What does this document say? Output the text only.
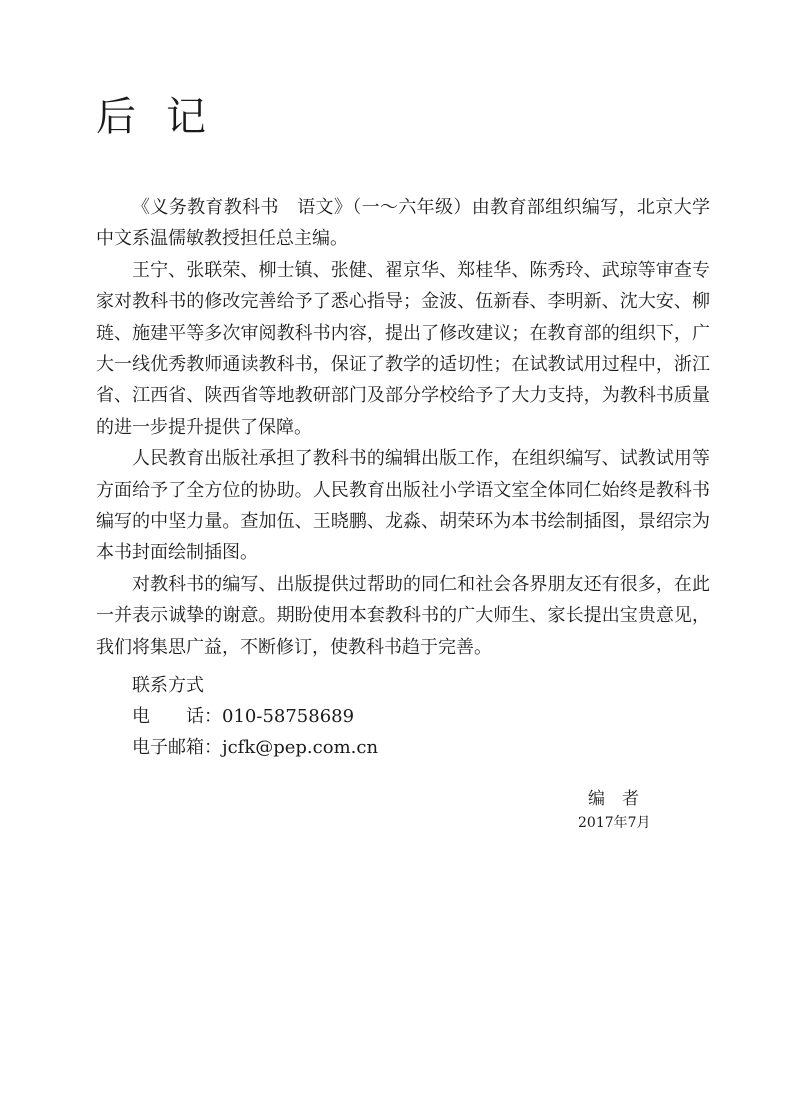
后记

《义务教育教科书　语文》（一～六年级）由教育部组织编写，北京大学中文系温儒敏教授担任总主编。

王宁、张联荣、柳士镇、张健、翟京华、郑桂华、陈秀玲、武琼等审查专家对教科书的修改完善给予了悉心指导；金波、伍新春、李明新、沈大安、柳琏、施建平等多次审阅教科书内容，提出了修改建议；在教育部的组织下，广大一线优秀教师通读教科书，保证了教学的适切性；在试教试用过程中，浙江省、江西省、陕西省等地教研部门及部分学校给予了大力支持，为教科书质量的进一步提升提供了保障。

人民教育出版社承担了教科书的编辑出版工作，在组织编写、试教试用等方面给予了全方位的协助。人民教育出版社小学语文室全体同仁始终是教科书编写的中坚力量。查加伍、王晓鹏、龙淼、胡荣环为本书绘制插图，景绍宗为本书封面绘制插图。

对教科书的编写、出版提供过帮助的同仁和社会各界朋友还有很多，在此一并表示诚挚的谢意。期盼使用本套教科书的广大师生、家长提出宝贵意见，我们将集思广益，不断修订，使教科书趋于完善。

联系方式
电　　话：010-58758689
电子邮箱：jcfk@pep.com.cn
编　者
2017年7月
